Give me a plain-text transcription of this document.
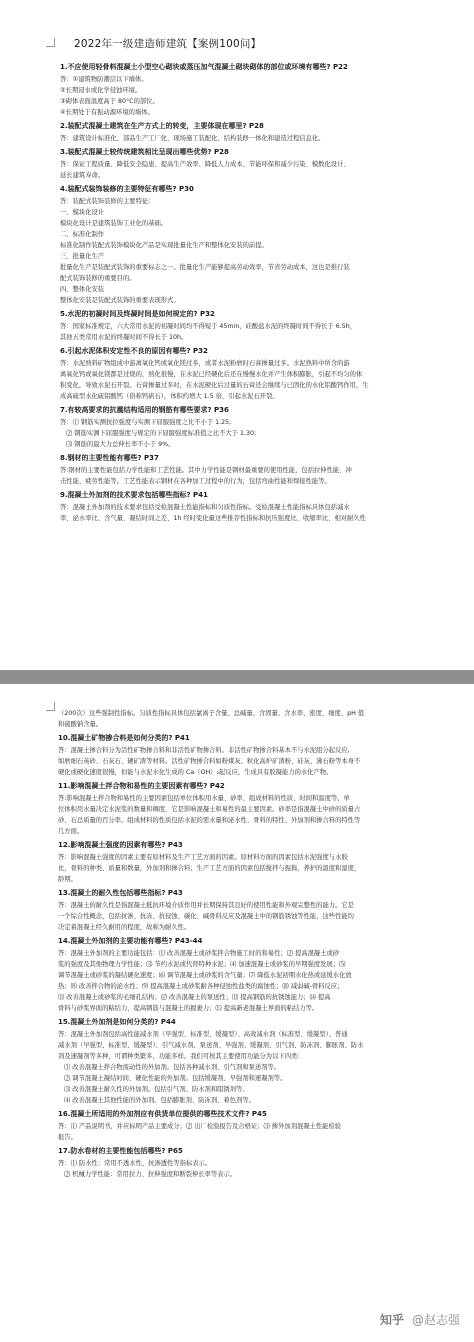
2022年一级建造师建筑【案例100问】

1.不应使用轻骨料混凝土小型空心砌块或蒸压加气混凝土砌块砌体的部位或环境有哪些? P22

答：①建筑物防潮层以下墙体。

②长期浸水或化学侵蚀环境。

③砌体表面温度高于 80°C的部位。

④长期处于有振动源环境的墙体。

2.装配式混凝土建筑在生产方式上的转变，主要体现在哪里? P28

答：建筑设计标准化、部品生产工厂化、现场施工装配化、结构装修一体化和建造过程信息化。

3.装配式混凝土较传统建筑相比呈现出哪些优势? P28

答：保证工程质量、降低安全隐患、提高生产效率、降低人力成本、节能环保和减少污染、模数化设计、

延长建筑寿命。

4.装配式装饰装修的主要特征有哪些? P30

答：装配式装饰装修的主要特征：

一、模块化设计

模块化设计是建筑装饰工业化的基础。

二、标准化制作

标准化制作装配式装饰模块化产品是实现批量化生产和整体化安装的前提。

三、批量化生产

批量化生产是装配式装饰的重要标志之一。批量化生产能够提高劳动效率，节省劳动成本，这也是推行装

配式装饰装修的重要目的。

四、整体化安装

整体化安装是装配式装饰的重要表现形式。

5.水泥的初凝时间及终凝时间是如何规定的? P32

答：国家标准规定，六大常用水泥的初凝时间均不得短于 45min，硅酸盐水泥的终凝时间不得长于 6.5h，

其他五类常用水泥的终凝时间不得长于 10h。

6.引起水泥体积安定性不良的原因有哪些? P32

答：水泥熟料矿物组成中游离氧化钙或氧化镁过多，或者水泥粉磨时石膏掺量过多。水泥熟料中所含的游

离氧化钙或氧化镁都是过烧的，熟化很慢，在水泥已经硬化后还在慢慢水化并产生体积膨胀，引起不均匀的体

积变化，导致水泥石开裂。石膏掺量过多时，在水泥硬化后过量的石膏还会继续与已固化的水化铝酸钙作用，生

成高硫型水化硫铝酸钙（俗称钙矾石），体积约增大 1.5 倍，引起水泥石开裂。

7.有较高要求的抗震结构适用的钢筋有哪些要求? P36

答：⑴ 钢筋实测抗拉强度与实测下屈服强度之比不小于 1.25;

⑵ 钢筋实测下屈服强度与规定的下屈服强度标准值之比不大于 1.30;

⑶ 钢筋的最大力总伸长率不小于 9%。

8.钢材的主要性能有哪些? P37

答:钢材的主要性能包括力学性能和工艺性能。其中力学性能是钢材最重要的使用性能，包括拉伸性能、冲

击性能、疲劳性能等。工艺性能表示钢材在各种加工过程中的行为，包括弯曲性能和焊接性能等。

9.混凝土外加剂的技术要求包括哪些指标? P41

答：混凝土外加剂的技术要求包括受检混凝土性能指标和匀质性指标。受检混凝土性能指标具体包括减水

率、泌水率比、含气量、凝结时间之差、1h 经时变化量这些推荐性指标和抗压强度比、收缩率比、相对耐久性

（200次）这些强制性指标。匀质性指标具体包括氯离子含量、总碱量、含固量、含水率、密度、细度、pH 值

和硫酸钠含量。

10.混凝土矿物掺合料是如何分类的? P41

答：混凝土掺合料分为活性矿物掺合料和非活性矿物掺合料。非活性矿物掺合料基本不与水泥组分起反应,

如磨细石英砂、石灰石、硬矿渣等材料。活性矿物掺合料如粉煤灰、粒化高炉矿渣粉、硅灰、沸石粉等本身不

硬化或硬化速度很慢，但能与水泥水化生成的 Ca（OH）₂起反应，生成具有胶凝能力的水化产物。

11.影响混凝土拌合物和易性的主要因素有哪些? P42

答:影响混凝土拌合物和易性的主要因素包括单位体积用水量、砂率、组成材料的性质、时间和温度等。单

位体积用水量决定水泥浆的数量和稠度，它是影响混凝土和易性的最主要因素。砂率是指混凝土中砂的质量占

砂、石总质量的百分率。组成材料的性质包括水泥的需水量和泌水性、骨料的特性、外加剂和掺合料的特性等

几方面。

12.影响混凝土强度的因素有哪些? P43

答：影响混凝土强度的因素主要有原材料及生产工艺方面的因素。原材料方面的因素包括水泥强度与水胶

比，骨料的种类、质量和数量，外加剂和掺合料；生产工艺方面的因素包括搅拌与振捣，养护的温度和湿度，

龄期。

13.混凝土的耐久性包括哪些指标? P43

答：混凝土的耐久性是指混凝土抵抗环境介质作用并长期保持其良好的使用性能和外观完整性的能力。它是

一个综合性概念，包括抗渗、抗冻、抗侵蚀、碳化、碱骨料反应及混凝土中的钢筋锈蚀等性能，这些性能均

决定着混凝土经久耐用的程度，故称为耐久性。

14.混凝土外加剂的主要功能有哪些? P43-44

答：混凝土外加剂的主要功能包括：⑴ 改善混凝土或砂浆拌合物施工时的和易性；⑵ 提高混凝土或砂

浆的强度及其他物理力学性能；⑶ 节约水泥或代替特种水泥；⑷ 加速混凝土或砂浆的早期强度发展；⑸

调节混凝土或砂浆的凝结硬化速度；⑹ 调节混凝土或砂浆的含气量；⑺ 降低水泥初期水化热或延缓水化放

热；⑻ 改善拌合物的泌水性；⑼ 提高混凝土或砂浆耐各种侵蚀性盐类的腐蚀性；⑽ 减弱碱-骨料反应；

⑾ 改善混凝土或砂浆的毛细孔结构；⑿ 改善混凝土的泵送性；⒀ 提高钢筋的抗锈蚀能力；⒁ 提高

骨料与砂浆界面的粘结力，提高钢筋与混凝土的握裹力；⒂ 提高新老混凝土界面的粘结力等。

15.混凝土外加剂是如何分类的? P44

答：混凝土外加剂包括高性能减水剂（早强型、标准型、缓凝型）、高效减水剂（标准型、缓凝型）、普通

减水剂（早强型、标准型、缓凝型）、引气减水剂、泵送剂、早强剂、缓凝剂、引气剂、防冻剂、膨胀剂、防水

剂及速凝剂等多种，可谓种类繁多，功能多样。我们可按其主要使用功能分为以下四类：

⑴ 改善混凝土拌合物流动性的外加剂。包括各种减水剂、引气剂和泵送剂等。

⑵ 调节混凝土凝结时间、硬化性能的外加剂。包括缓凝剂、早强剂和速凝剂等。

⑶ 改善混凝土耐久性的外加剂。包括引气剂、防水剂和阻锈剂等。

⑷ 改善混凝土其他性能的外加剂。包括膨胀剂、防冻剂、着色剂等。

16.混凝土所适用的外加剂应有供货单位提供的哪些技术文件? P45

答：⑴ 产品说明书，并应标明产品主要成分；⑵ 出厂检验报告及合格证；⑶ 掺外加剂混凝土性能检验

报告。

17.防水卷材的主要性能包括哪些? P65

答：⑴ 防水性：常用不透水性、抗渗透性等指标表示。

⑵ 机械力学性能：常用拉力、拉伸强度和断裂伸长率等表示。

知乎 @赵志强
